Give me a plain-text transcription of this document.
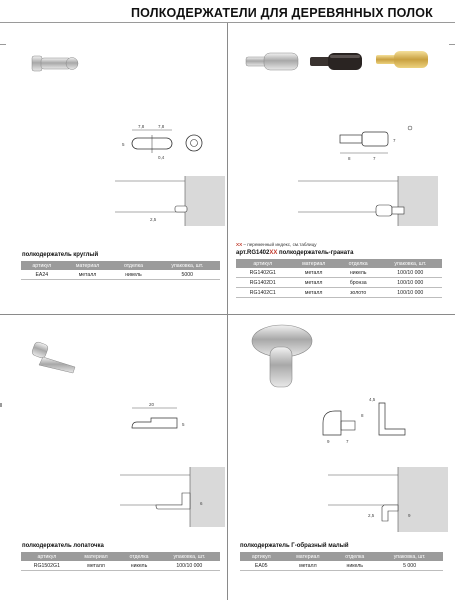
ПОЛКОДЕРЖАТЕЛИ ДЛЯ ДЕРЕВЯННЫХ ПОЛОК
7,8	7,8
5
0,4
2,5
полкодержатель круглый
артикул	материал	отделка	упаковка, шт.
EA24	металл	никель	5000
8	7
7
XX – переменный индекс, см.таблицу
арт.RG1402XX полкодержатель-граната
артикул	материал	отделка	упаковка, шт.
RG1402G1	металл	никель	100/10 000
RG1402D1	металл	бронза	100/10 000
RG1402C1	металл	золото	100/10 000
20
5
6
полкодержатель лопаточка
артикул	материал	отделка	упаковка, шт.
RG1502G1	металл	никель	100/10 000
9	7
8
4,5
2,5	9
полкодержатель Г-образный малый
артикул	материал	отделка	упаковка, шт.
EA05	металл	никель	5 000
